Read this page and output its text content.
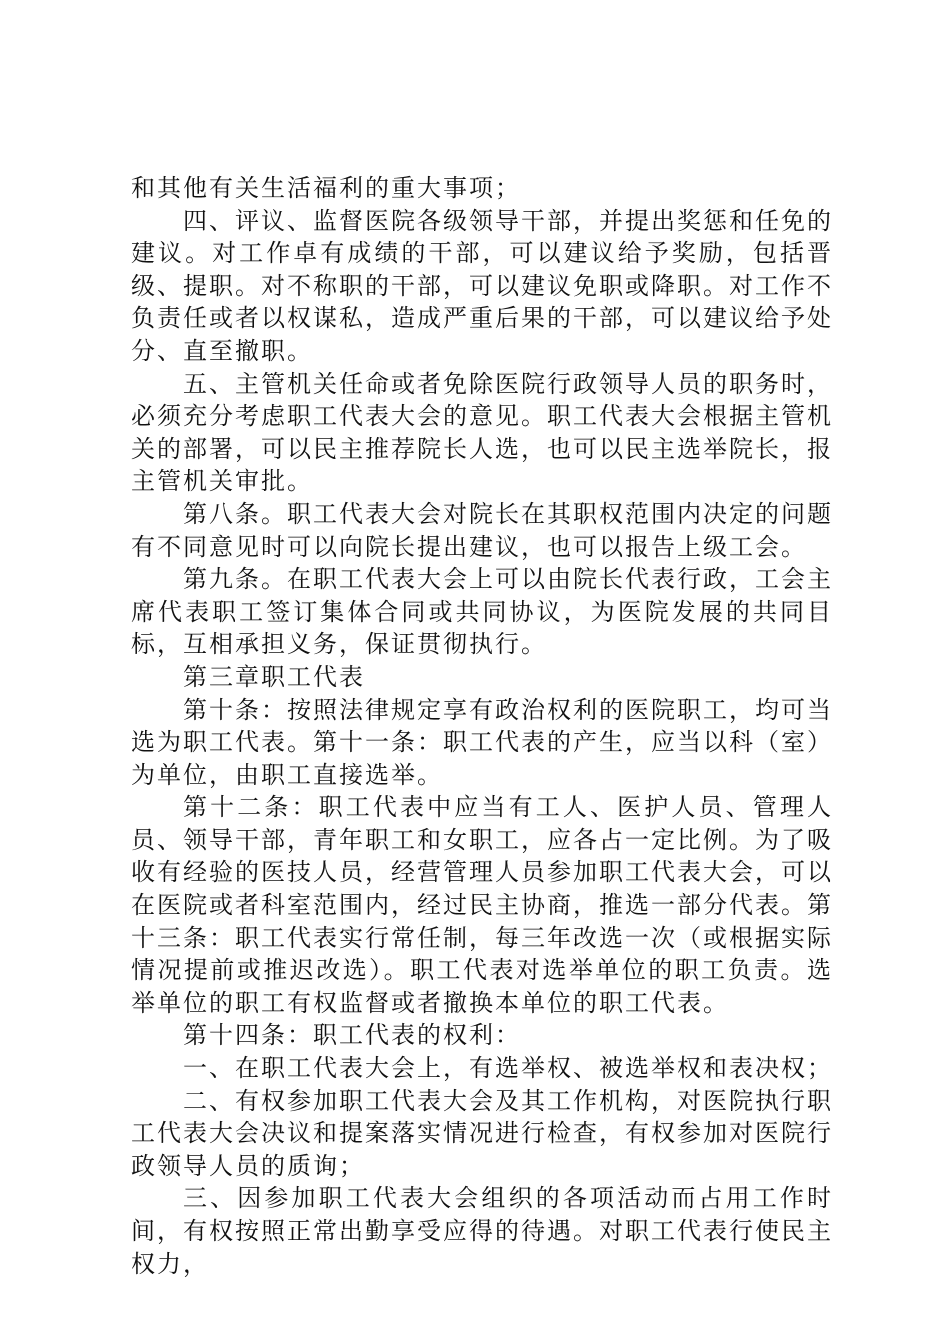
和其他有关生活福利的重大事项；

四、评议、监督医院各级领导干部，并提出奖惩和任免的建议。对工作卓有成绩的干部，可以建议给予奖励，包括晋级、提职。对不称职的干部，可以建议免职或降职。对工作不负责任或者以权谋私，造成严重后果的干部，可以建议给予处分、直至撤职。

五、主管机关任命或者免除医院行政领导人员的职务时，必须充分考虑职工代表大会的意见。职工代表大会根据主管机关的部署，可以民主推荐院长人选，也可以民主选举院长，报主管机关审批。

第八条。职工代表大会对院长在其职权范围内决定的问题有不同意见时可以向院长提出建议，也可以报告上级工会。

第九条。在职工代表大会上可以由院长代表行政，工会主席代表职工签订集体合同或共同协议，为医院发展的共同目标，互相承担义务，保证贯彻执行。

第三章职工代表

第十条：按照法律规定享有政治权利的医院职工，均可当选为职工代表。第十一条：职工代表的产生，应当以科（室）为单位，由职工直接选举。

第十二条：职工代表中应当有工人、医护人员、管理人员、领导干部，青年职工和女职工，应各占一定比例。为了吸收有经验的医技人员，经营管理人员参加职工代表大会，可以在医院或者科室范围内，经过民主协商，推选一部分代表。第十三条：职工代表实行常任制，每三年改选一次（或根据实际情况提前或推迟改选）。职工代表对选举单位的职工负责。选举单位的职工有权监督或者撤换本单位的职工代表。

第十四条：职工代表的权利：

一、在职工代表大会上，有选举权、被选举权和表决权；

二、有权参加职工代表大会及其工作机构，对医院执行职工代表大会决议和提案落实情况进行检查，有权参加对医院行政领导人员的质询；

三、因参加职工代表大会组织的各项活动而占用工作时间，有权按照正常出勤享受应得的待遇。对职工代表行使民主权力，
